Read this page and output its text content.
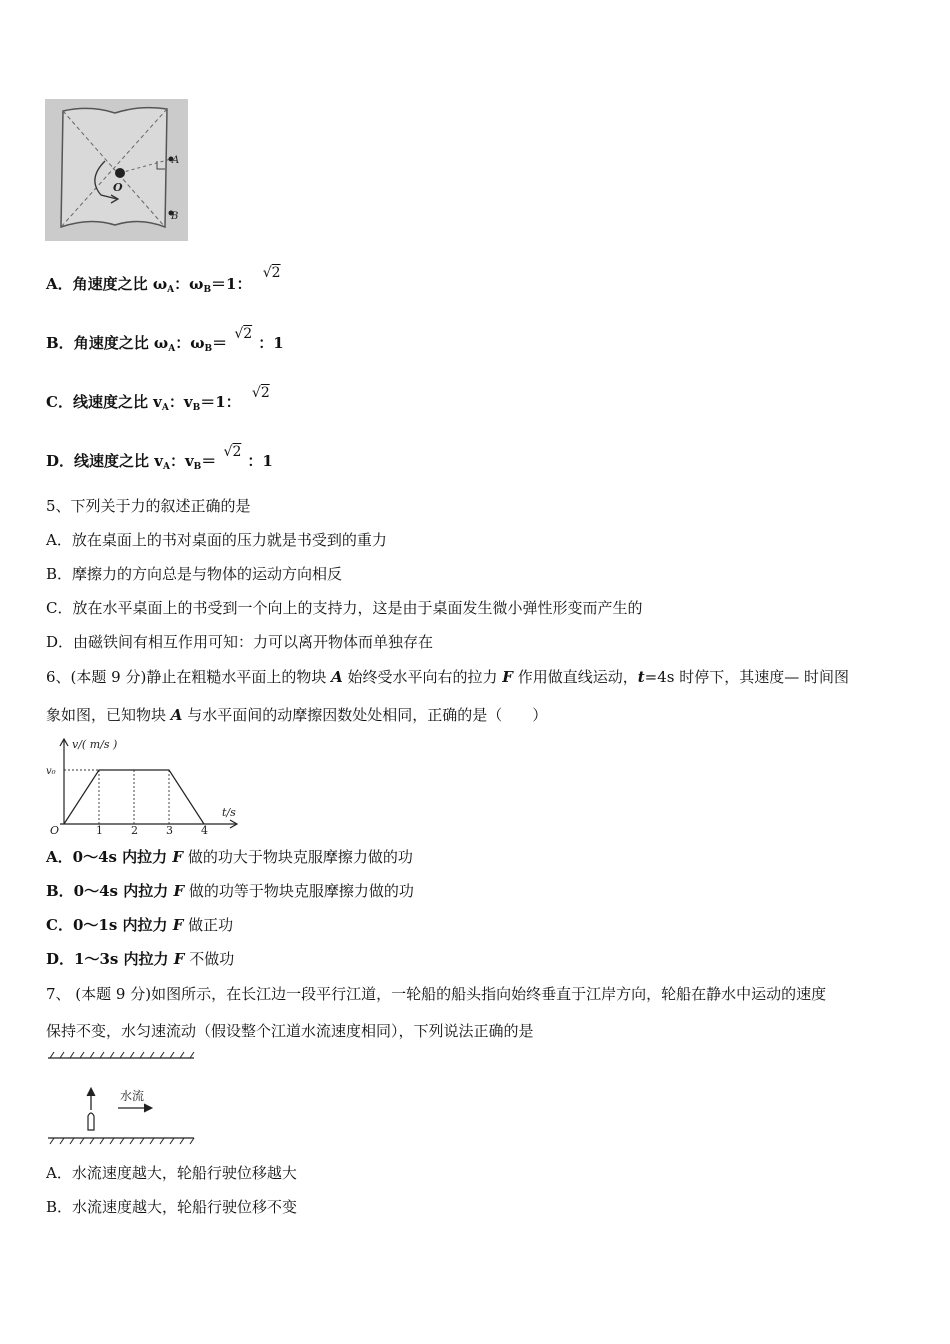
A
B
O
A．角速度之比 $\omega_A$：$\omega_B=1$： √2
B．角速度之比 $\omega_A$：$\omega_B= √2$ ：1
C．线速度之比 $v_A$：$v_B=1$： √2
D．线速度之比 $v_A$：$v_B= √2$ ：1
5、下列关于力的叙述正确的是
A．放在桌面上的书对桌面的压力就是书受到的重力
B．摩擦力的方向总是与物体的运动方向相反
C．放在水平桌面上的书受到一个向上的支持力，这是由于桌面发生微小弹性形变而产生的
D．由磁铁间有相互作用可知：力可以离开物体而单独存在
6、(本题 9 分)静止在粗糙水平面上的物块 A 始终受水平向右的拉力 F 作用做直线运动，t=4s 时停下，其速度— 时间图
象如图，已知物块 A 与水平面间的动摩擦因数处处相同，正确的是（　　）
v/( m/s )
v₀
t/s
O	1	2	3	4
A．0～4s 内拉力 F 做的功大于物块克服摩擦力做的功
B．0～4s 内拉力 F 做的功等于物块克服摩擦力做的功
C．0～1s 内拉力 F 做正功
D．1～3s 内拉力 F 不做功
7、 (本题 9 分)如图所示，在长江边一段平行江道，一轮船的船头指向始终垂直于江岸方向，轮船在静水中运动的速度
保持不变，水匀速流动（假设整个江道水流速度相同），下列说法正确的是
水流
A．水流速度越大，轮船行驶位移越大
B．水流速度越大，轮船行驶位移不变
